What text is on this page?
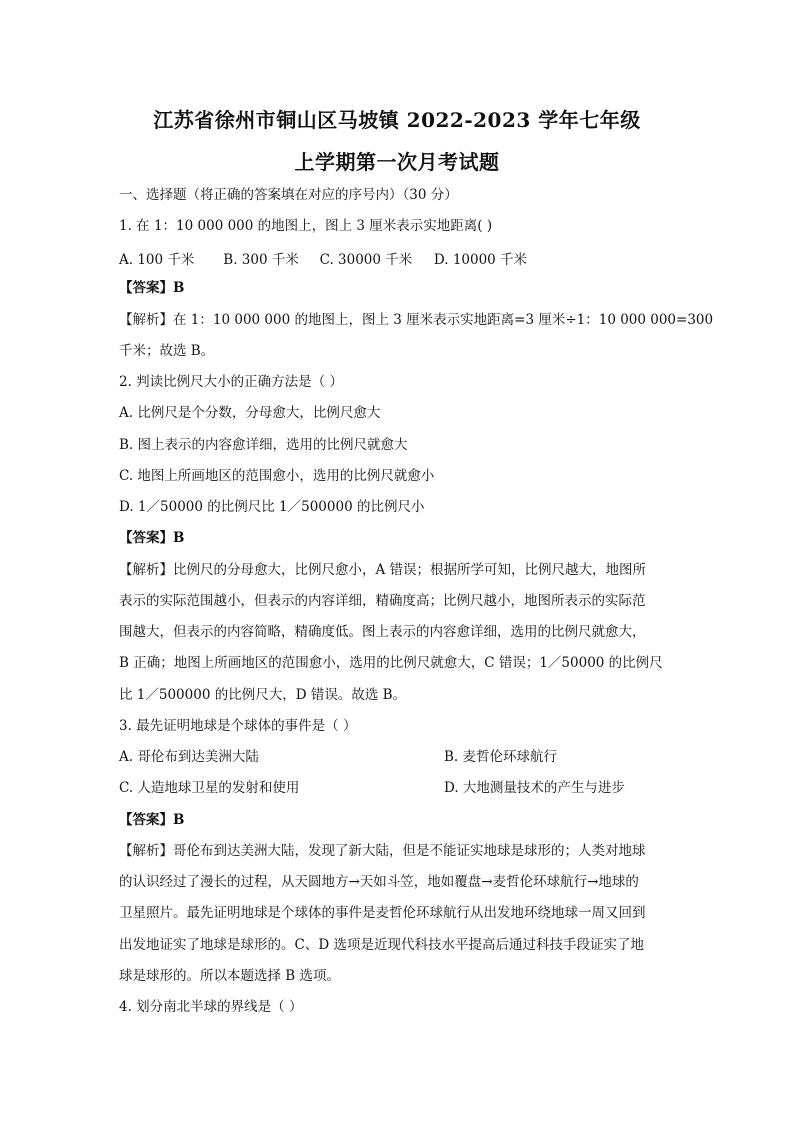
江苏省徐州市铜山区马坡镇 2022-2023 学年七年级
上学期第一次月考试题
一、选择题（将正确的答案填在对应的序号内）（30 分）
1. 在 1：10 000 000 的地图上，图上 3 厘米表示实地距离( )
A. 100 千米 B. 300 千米 C. 30000 千米 D. 10000 千米
【答案】B
【解析】在 1：10 000 000 的地图上，图上 3 厘米表示实地距离=3 厘米÷1：10 000 000=300
千米；故选 B。
2. 判读比例尺大小的正确方法是（ ）
A. 比例尺是个分数，分母愈大，比例尺愈大
B. 图上表示的内容愈详细，选用的比例尺就愈大
C. 地图上所画地区的范围愈小，选用的比例尺就愈小
D. 1／50000 的比例尺比 1／500000 的比例尺小
【答案】B
【解析】比例尺的分母愈大，比例尺愈小，A 错误；根据所学可知，比例尺越大，地图所
表示的实际范围越小，但表示的内容详细，精确度高；比例尺越小，地图所表示的实际范
围越大，但表示的内容简略，精确度低。图上表示的内容愈详细，选用的比例尺就愈大，
B 正确；地图上所画地区的范围愈小，选用的比例尺就愈大，C 错误；1／50000 的比例尺
比 1／500000 的比例尺大，D 错误。故选 B。
3. 最先证明地球是个球体的事件是（ ）
A. 哥伦布到达美洲大陆	B. 麦哲伦环球航行
C. 人造地球卫星的发射和使用	D. 大地测量技术的产生与进步
【答案】B
【解析】哥伦布到达美洲大陆，发现了新大陆，但是不能证实地球是球形的；人类对地球
的认识经过了漫长的过程，从天圆地方→天如斗笠，地如覆盘→麦哲伦环球航行→地球的
卫星照片。最先证明地球是个球体的事件是麦哲伦环球航行从出发地环绕地球一周又回到
出发地证实了地球是球形的。C、D 选项是近现代科技水平提高后通过科技手段证实了地
球是球形的。所以本题选择 B 选项。
4. 划分南北半球的界线是（ ）
